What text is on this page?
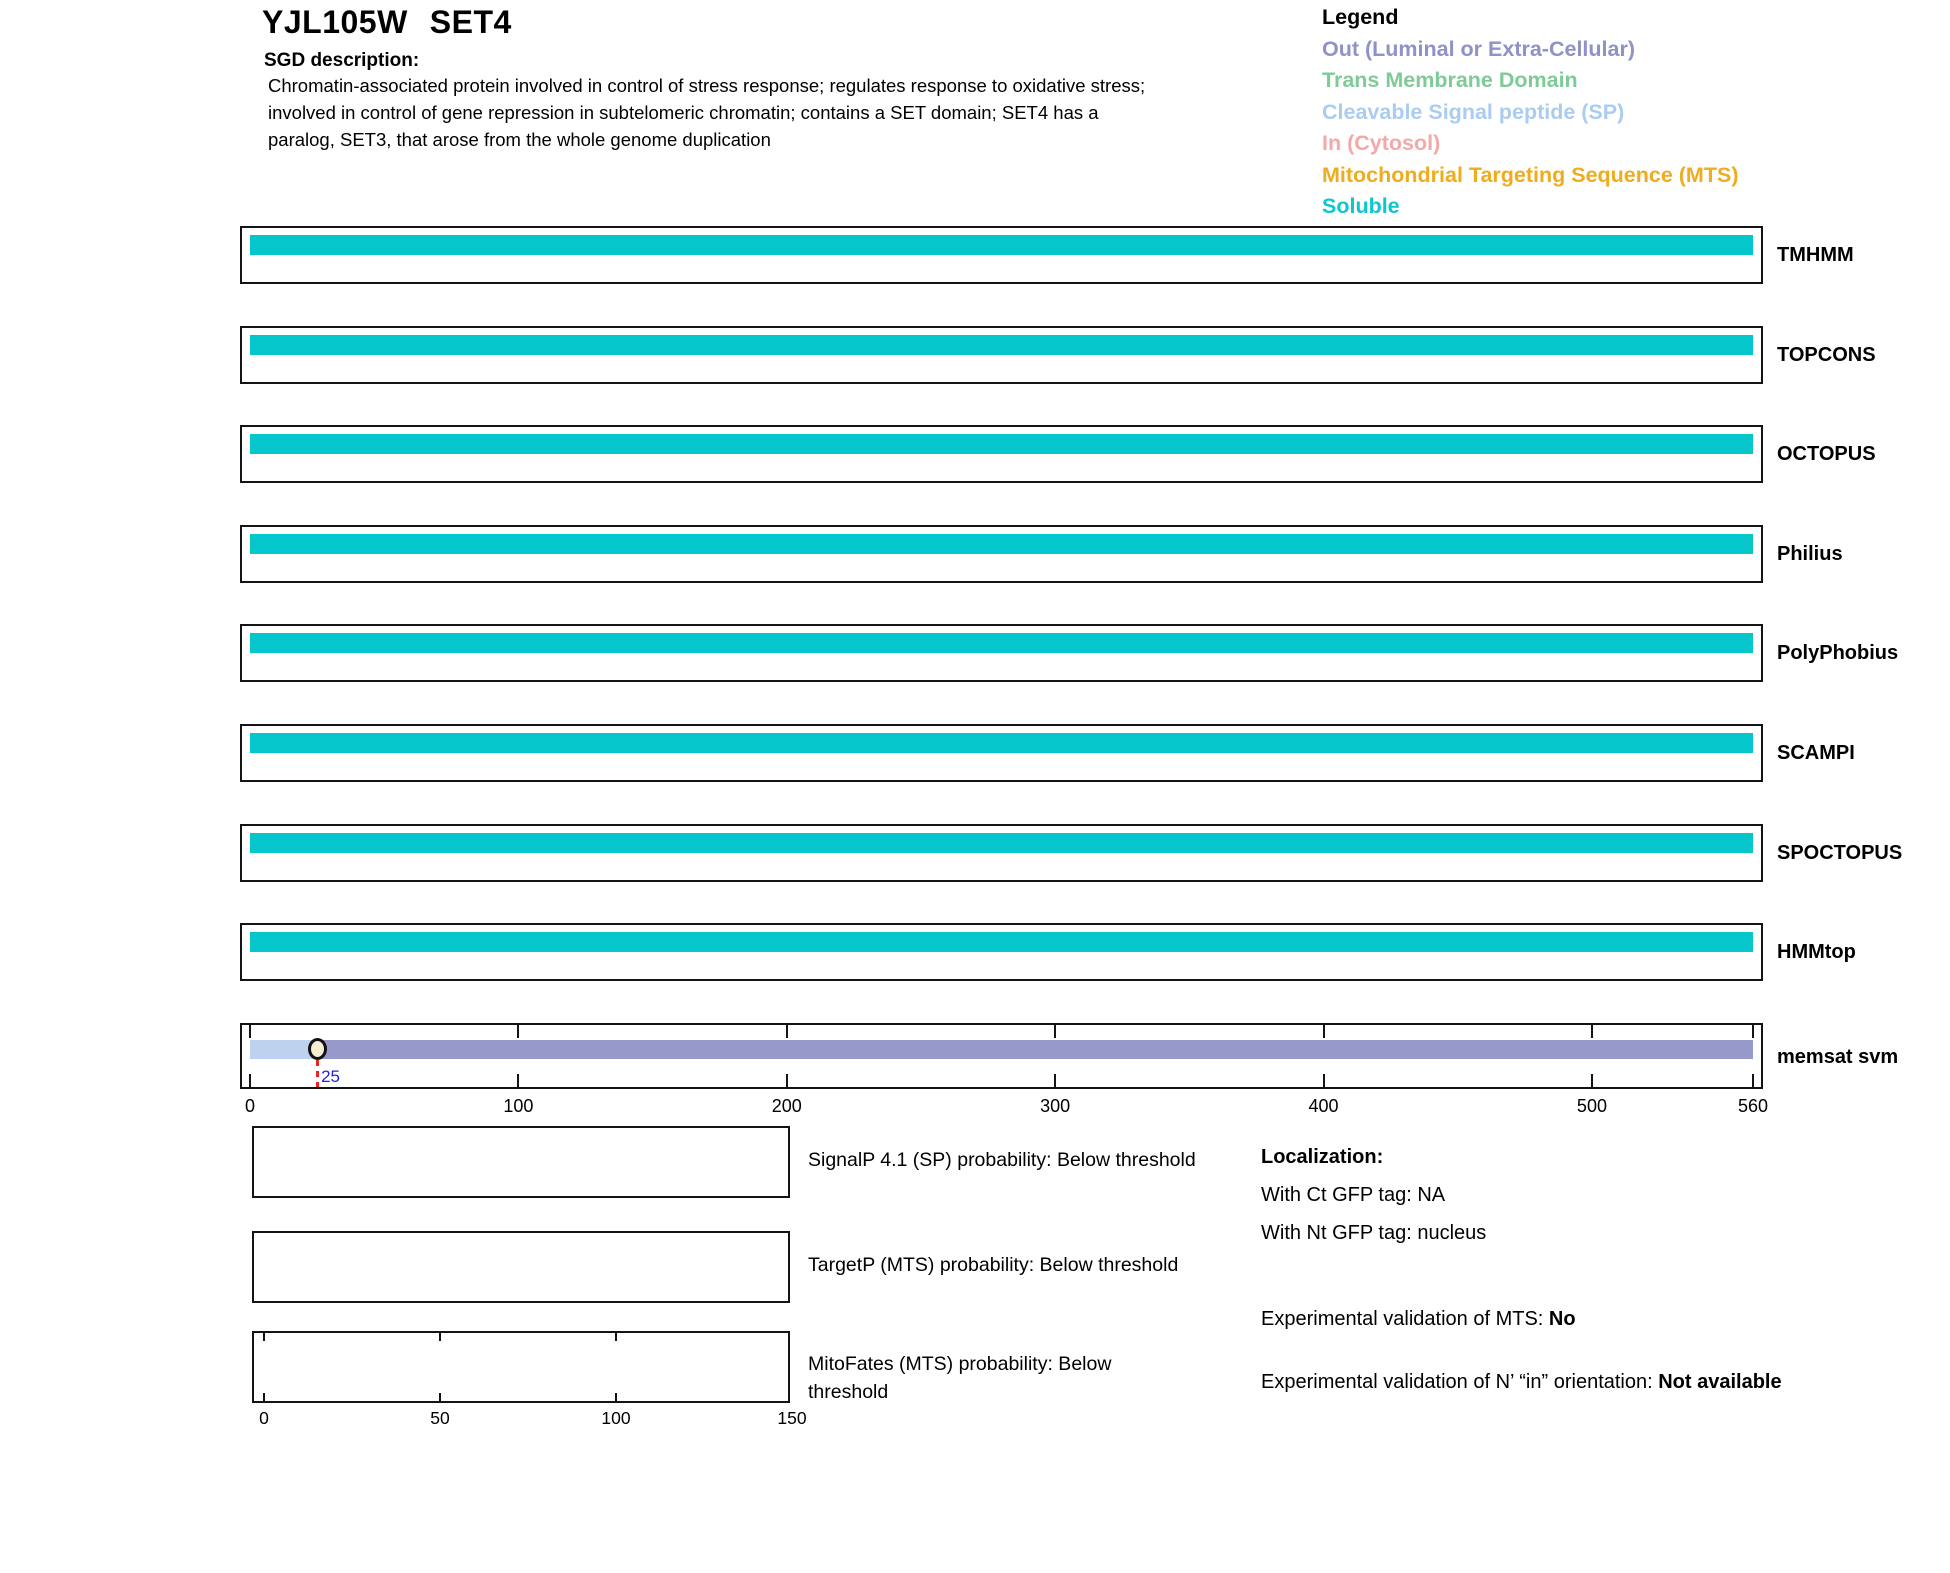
YJL105W SET4
SGD description:
Chromatin-associated protein involved in control of stress response; regulates response to oxidative stress;
involved in control of gene repression in subtelomeric chromatin; contains a SET domain; SET4 has a
paralog, SET3, that arose from the whole genome duplication
Legend
Out (Luminal or Extra-Cellular)
Trans Membrane Domain
Cleavable Signal peptide (SP)
In (Cytosol)
Mitochondrial Targeting Sequence (MTS)
Soluble
TMHMM
TOPCONS
OCTOPUS
Philius
PolyPhobius
SCAMPI
SPOCTOPUS
HMMtop
25
memsat svm
0	100	200	300	400	500	560
SignalP 4.1 (SP) probability: Below threshold
TargetP (MTS) probability: Below threshold
MitoFates (MTS) probability: Below threshold
0	50	100	150
Localization:
With Ct GFP tag: NA
With Nt GFP tag: nucleus
Experimental validation of MTS: No
Experimental validation of N’ “in” orientation: Not available
